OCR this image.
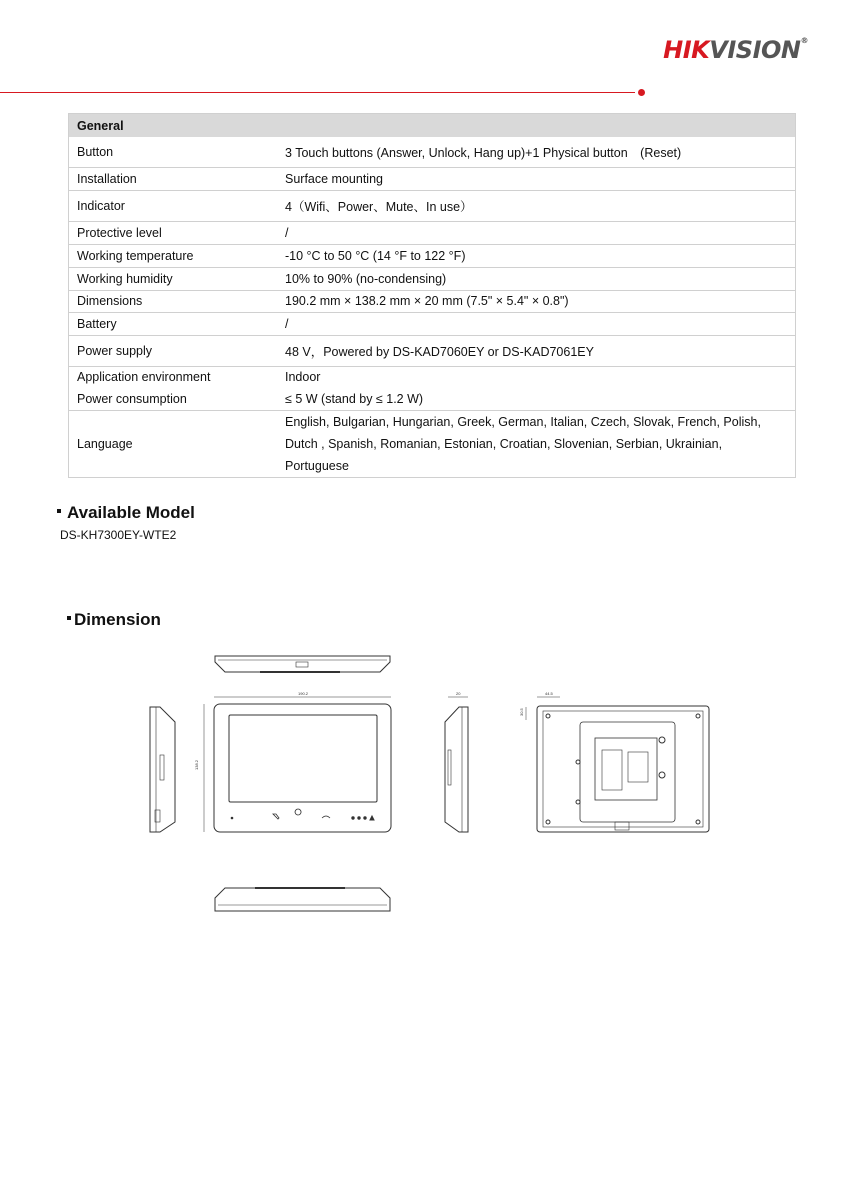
HIKVISION®
General	
Button	3 Touch buttons (Answer, Unlock, Hang up)+1 Physical button　(Reset)
Installation	Surface mounting
Indicator	4（Wifi、Power、Mute、In use）
Protective level	/
Working temperature	-10 °C to 50 °C (14 °F to 122 °F)
Working humidity	10% to 90% (no-condensing)
Dimensions	190.2 mm × 138.2 mm × 20 mm (7.5" × 5.4" × 0.8")
Battery	/
Power supply	48 V，Powered by DS-KAD7060EY or DS-KAD7061EY
Application environment	Indoor
Power consumption	≤ 5 W (stand by ≤ 1.2 W)
Language	English, Bulgarian, Hungarian, Greek, German, Italian, Czech, Slovak, French, Polish,
Dutch , Spanish, Romanian, Estonian, Croatian, Slovenian, Serbian, Ukrainian,
Portuguese
Available Model
DS-KH7300EY-WTE2
Dimension
190.2
138.2
20	44.5
30.5
